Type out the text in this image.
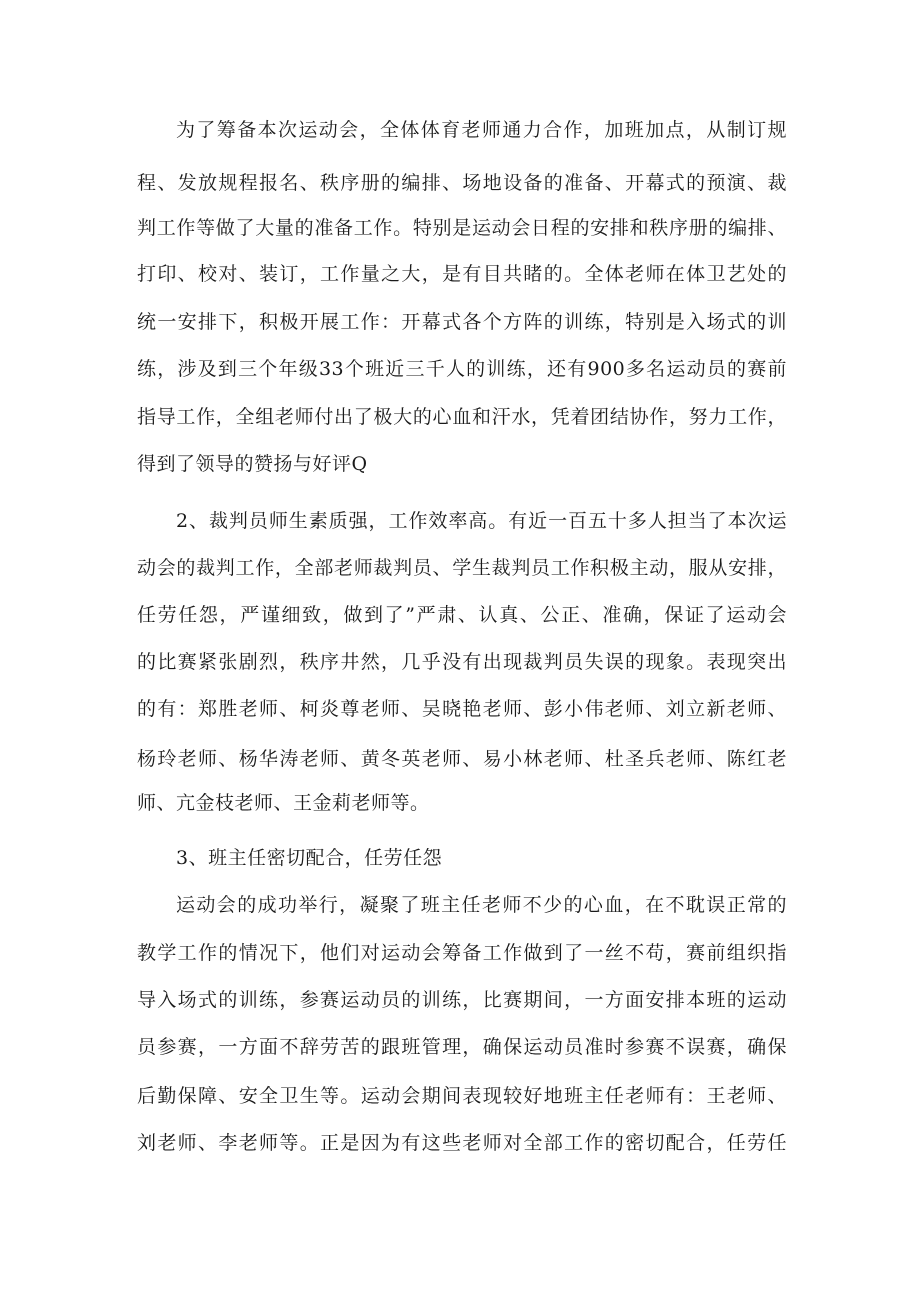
为了筹备本次运动会，全体体育老师通力合作，加班加点，从制订规
程、发放规程报名、秩序册的编排、场地设备的准备、开幕式的预演、裁
判工作等做了大量的准备工作。特别是运动会日程的安排和秩序册的编排、
打印、校对、装订，工作量之大，是有目共睹的。全体老师在体卫艺处的
统一安排下，积极开展工作：开幕式各个方阵的训练，特别是入场式的训
练，涉及到三个年级33个班近三千人的训练，还有900多名运动员的赛前
指导工作，全组老师付出了极大的心血和汗水，凭着团结协作，努力工作，
得到了领导的赞扬与好评Q
2、裁判员师生素质强，工作效率高。有近一百五十多人担当了本次运
动会的裁判工作，全部老师裁判员、学生裁判员工作积极主动，服从安排，
任劳任怨，严谨细致，做到了”严肃、认真、公正、准确，保证了运动会
的比赛紧张剧烈，秩序井然，几乎没有出现裁判员失误的现象。表现突出
的有：郑胜老师、柯炎尊老师、吴晓艳老师、彭小伟老师、刘立新老师、
杨玲老师、杨华涛老师、黄冬英老师、易小林老师、杜圣兵老师、陈红老
师、亢金枝老师、王金莉老师等。
3、班主任密切配合，任劳任怨
运动会的成功举行，凝聚了班主任老师不少的心血，在不耽误正常的
教学工作的情况下，他们对运动会筹备工作做到了一丝不苟，赛前组织指
导入场式的训练，参赛运动员的训练，比赛期间，一方面安排本班的运动
员参赛，一方面不辞劳苦的跟班管理，确保运动员准时参赛不误赛，确保
后勤保障、安全卫生等。运动会期间表现较好地班主任老师有：王老师、
刘老师、李老师等。正是因为有这些老师对全部工作的密切配合，任劳任
